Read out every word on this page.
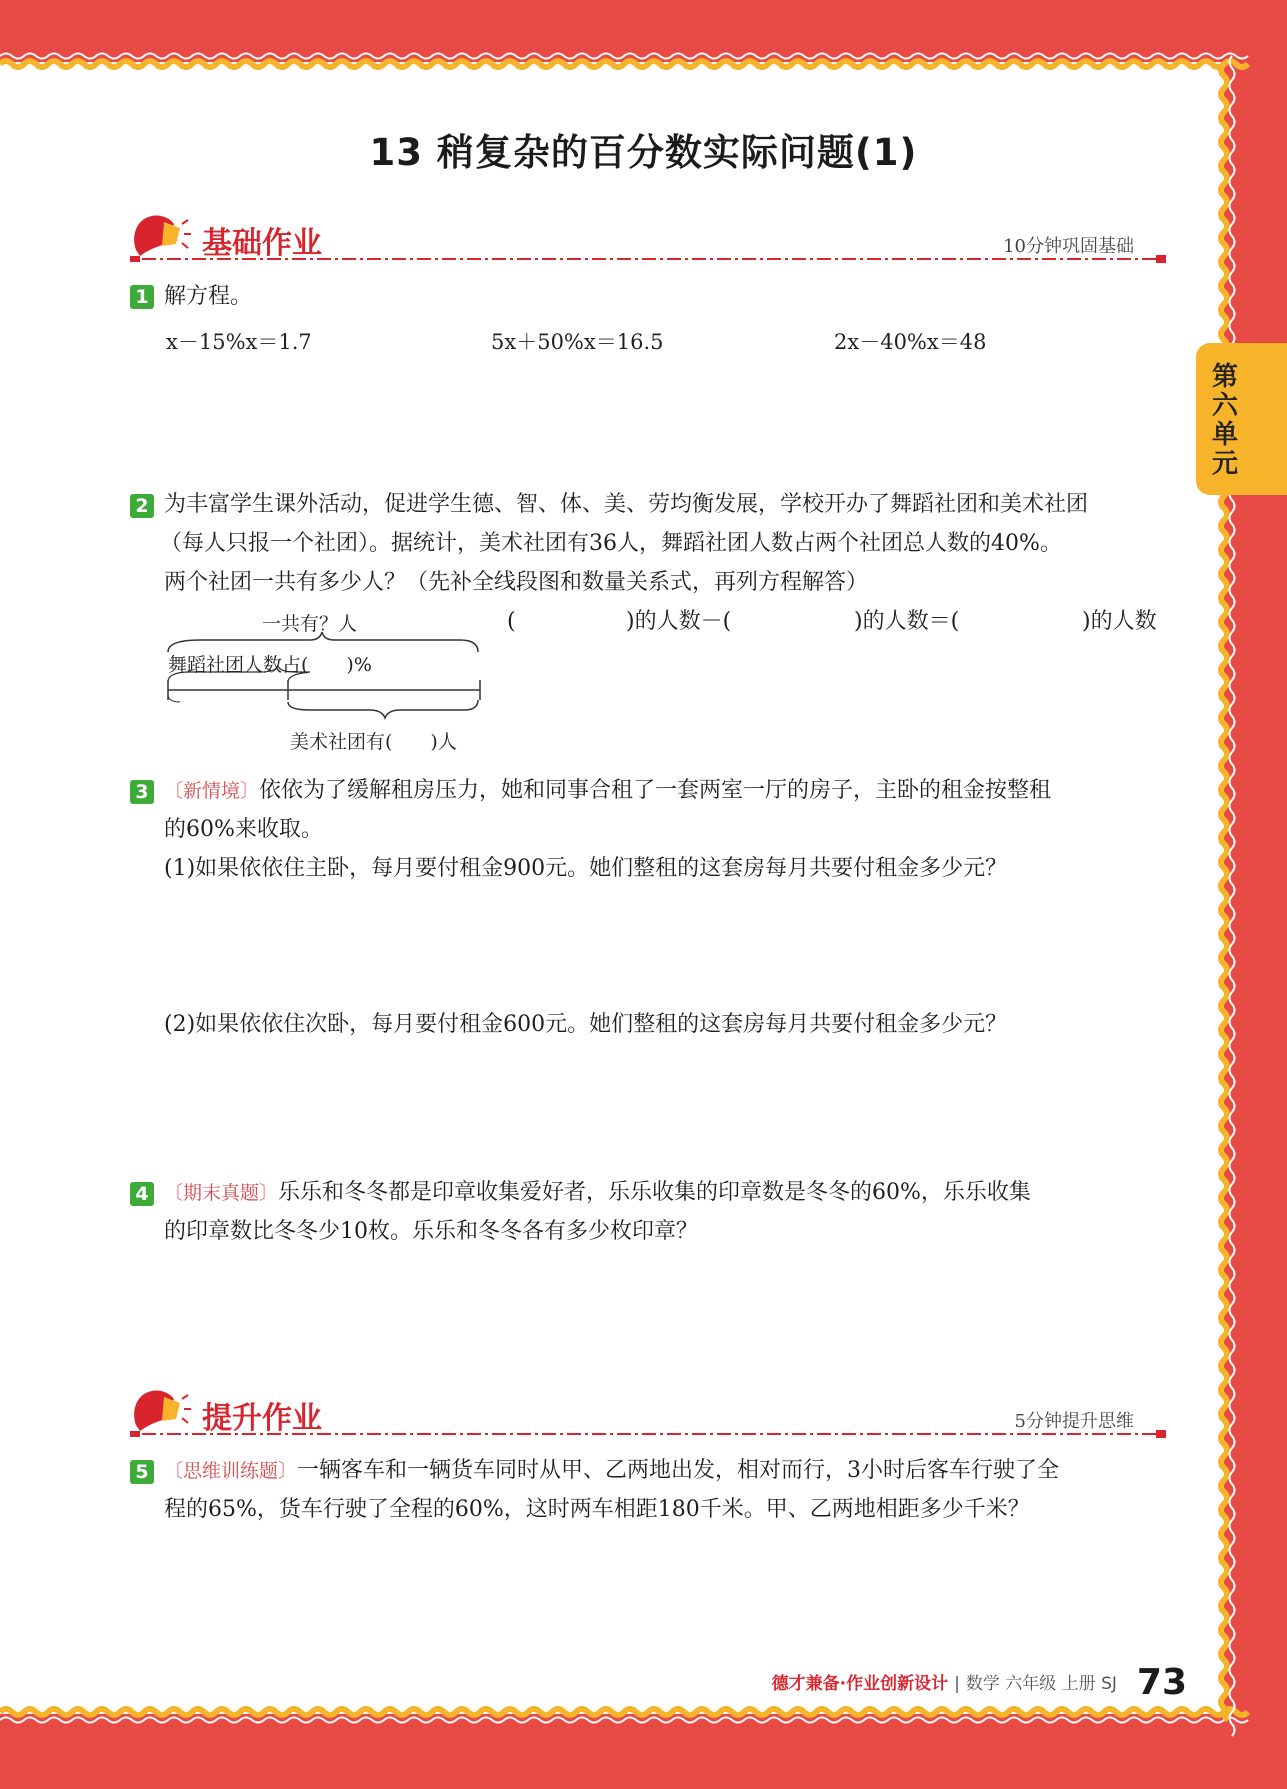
13 稍复杂的百分数实际问题(1)
第六单元
基础作业	10分钟巩固基础
1 解方程。
x－15%x＝1.7	5x＋50%x＝16.5	2x－40%x＝48
2 为丰富学生课外活动，促进学生德、智、体、美、劳均衡发展，学校开办了舞蹈社团和美术社团
（每人只报一个社团）。据统计，美术社团有36人，舞蹈社团人数占两个社团总人数的40%。
两个社团一共有多少人？（先补全线段图和数量关系式，再列方程解答）
(	)的人数－(	)的人数＝(	)的人数
一共有？人
舞蹈社团人数占(　　)%
美术社团有(　　)人
3 〔新情境〕依依为了缓解租房压力，她和同事合租了一套两室一厅的房子，主卧的租金按整租
的60%来收取。
(1)如果依依住主卧，每月要付租金900元。她们整租的这套房每月共要付租金多少元？
(2)如果依依住次卧，每月要付租金600元。她们整租的这套房每月共要付租金多少元？
4 〔期末真题〕乐乐和冬冬都是印章收集爱好者，乐乐收集的印章数是冬冬的60%，乐乐收集
的印章数比冬冬少10枚。乐乐和冬冬各有多少枚印章？
提升作业	5分钟提升思维
5 〔思维训练题〕一辆客车和一辆货车同时从甲、乙两地出发，相对而行，3小时后客车行驶了全
程的65%，货车行驶了全程的60%，这时两车相距180千米。甲、乙两地相距多少千米？
德才兼备·作业创新设计 | 数学 六年级 上册 SJ 73
